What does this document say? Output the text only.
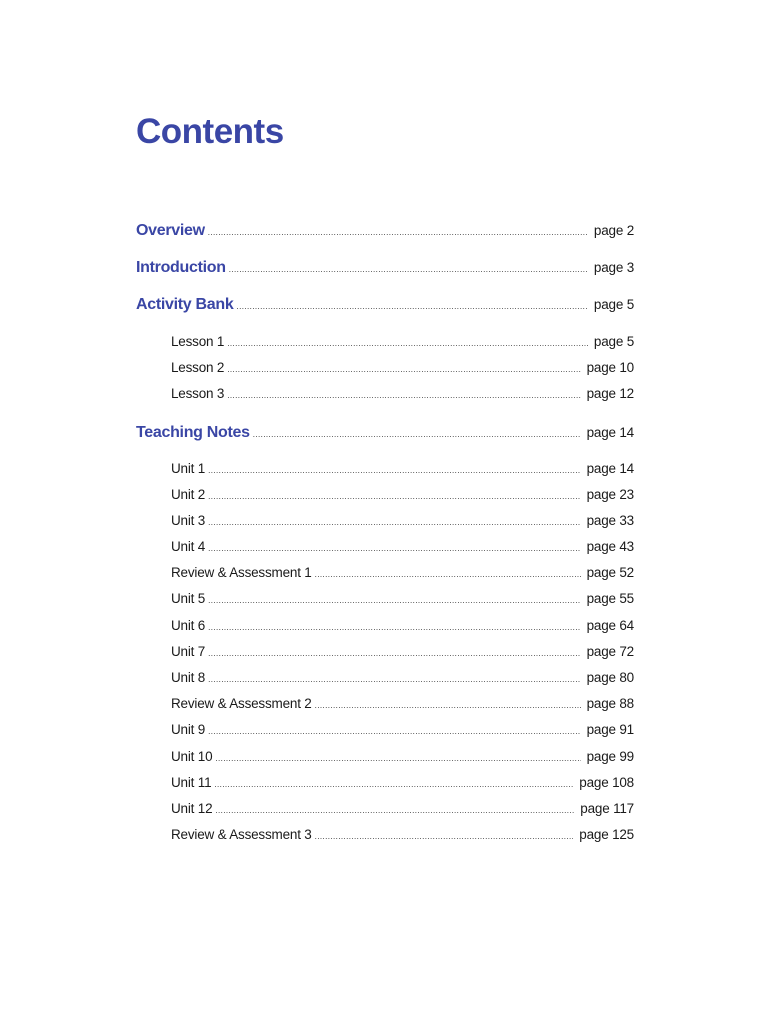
Contents
Overview .....	page 2
Introduction .....	page 3
Activity Bank .....	page 5
Lesson 1 .....	page 5
Lesson 2 .....	page 10
Lesson 3 .....	page 12
Teaching Notes .....	page 14
Unit 1 .....	page 14
Unit 2 .....	page 23
Unit 3 .....	page 33
Unit 4 .....	page 43
Review & Assessment 1 .....	page 52
Unit 5 .....	page 55
Unit 6 .....	page 64
Unit 7 .....	page 72
Unit 8 .....	page 80
Review & Assessment 2 .....	page 88
Unit 9 .....	page 91
Unit 10 .....	page 99
Unit 11 .....	page 108
Unit 12 .....	page 117
Review & Assessment 3 .....	page 125
